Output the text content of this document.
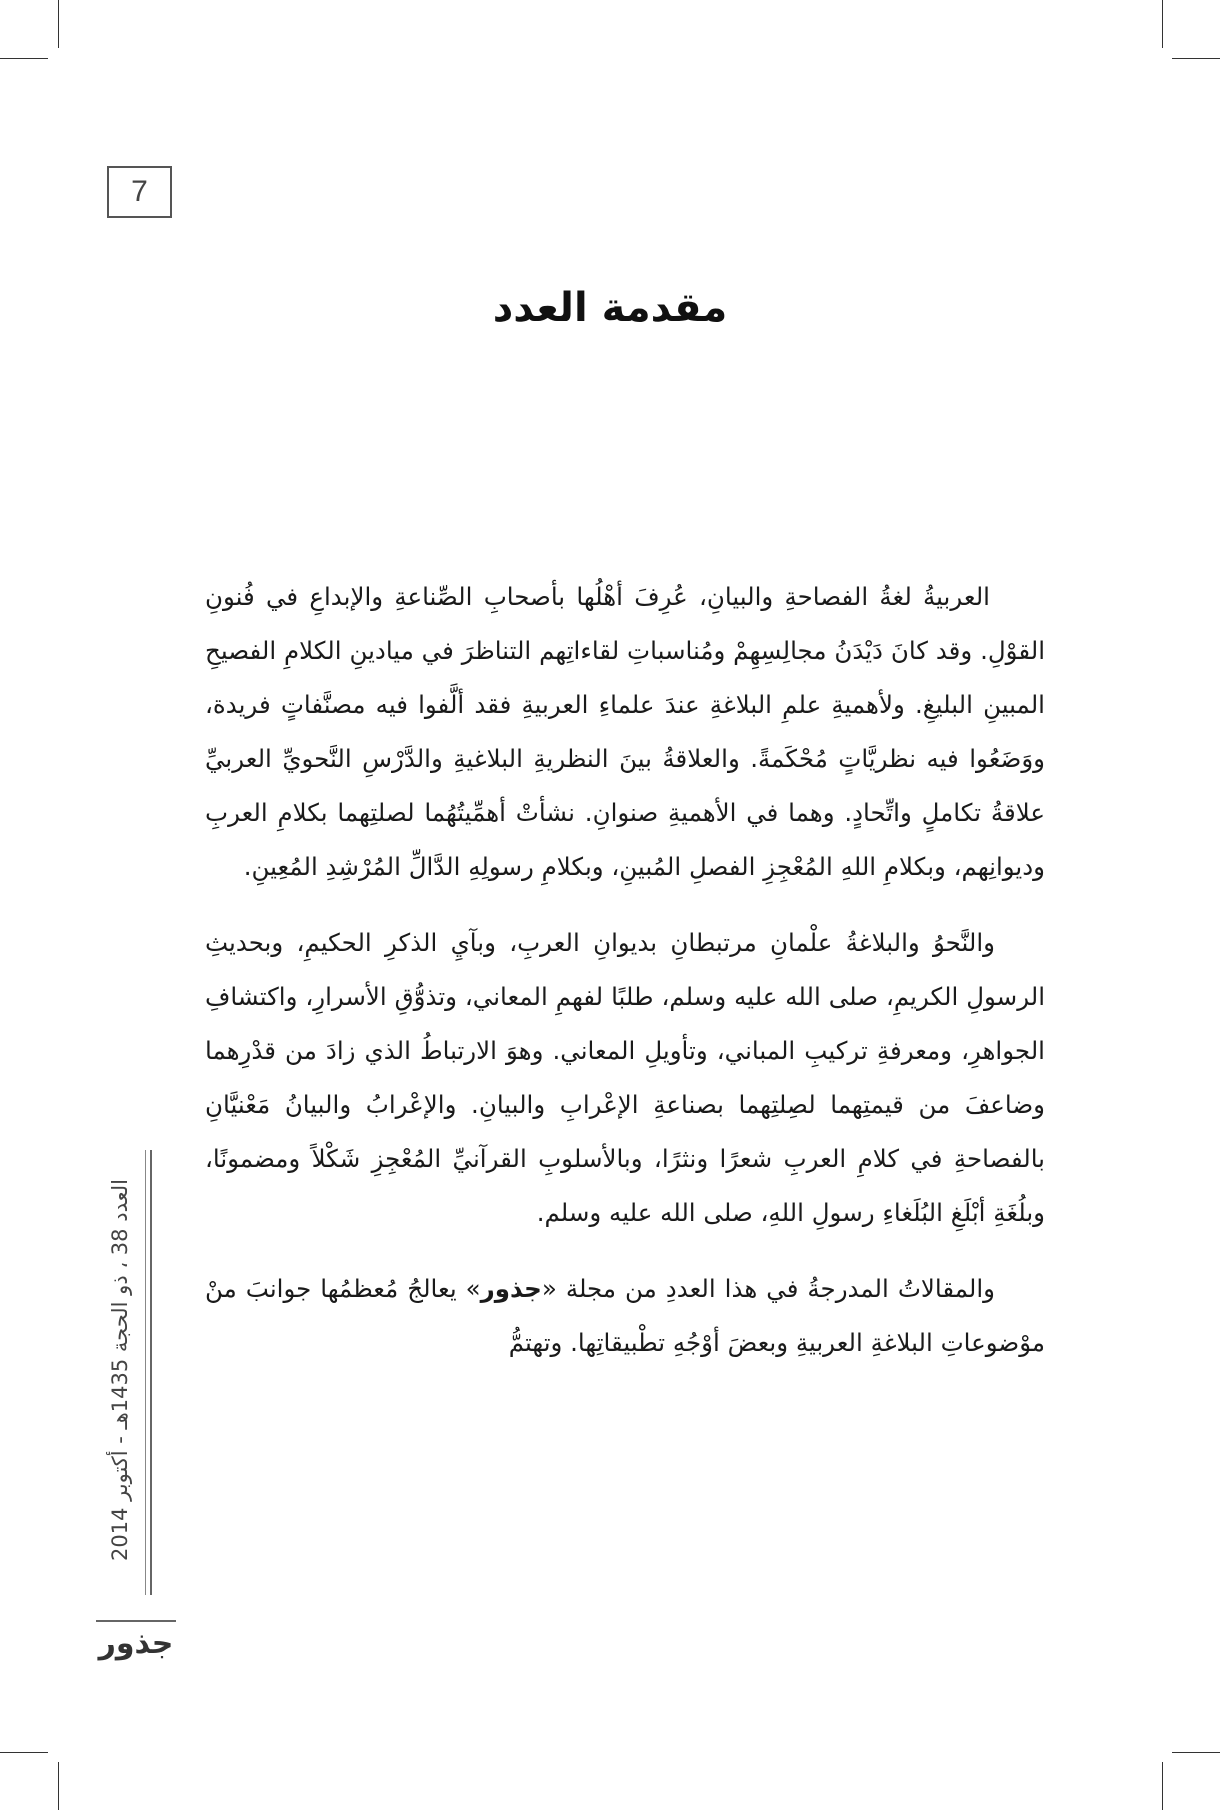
7
مقدمة العدد

العربيةُ لغةُ الفصاحةِ والبيانِ، عُرِفَ أهْلُها بأصحابِ الصِّناعةِ والإبداعِ في فُنونِ القوْلِ. وقد كانَ دَيْدَنُ مجالِسِهِمْ ومُناسباتِ لقاءاتِهم التناظرَ في ميادينِ الكلامِ الفصيحِ المبينِ البليغِ. ولأهميةِ علمِ البلاغةِ عندَ علماءِ العربيةِ فقد ألَّفوا فيه مصنَّفاتٍ فريدة، ووَضَعُوا فيه نظريَّاتٍ مُحْكَمةً. والعلاقةُ بينَ النظريةِ البلاغيةِ والدَّرْسِ النَّحويِّ العربيِّ علاقةُ تكاملٍ واتِّحادٍ. وهما في الأهميةِ صنوانِ. نشأتْ أهمِّيتُهُما لصلتِهما بكلامِ العربِ وديوانِهم، وبكلامِ اللهِ المُعْجِزِ الفصلِ المُبينِ، وبكلامِ رسولِهِ الدَّالِّ المُرْشِدِ المُعِينِ.

والنَّحوُ والبلاغةُ علْمانِ مرتبطانِ بديوانِ العربِ، وبآيِ الذكرِ الحكيمِ، وبحديثِ الرسولِ الكريمِ، صلى الله عليه وسلم، طلبًا لفهمِ المعاني، وتذوُّقِ الأسرارِ، واكتشافِ الجواهرِ، ومعرفةِ تركيبِ المباني، وتأويلِ المعاني. وهوَ الارتباطُ الذي زادَ من قدْرِهما وضاعفَ من قيمتِهما لصِلتِهما بصناعةِ الإعْرابِ والبيانِ. والإعْرابُ والبيانُ مَعْنيَّانِ بالفصاحةِ في كلامِ العربِ شعرًا ونثرًا، وبالأسلوبِ القرآنيِّ المُعْجِزِ شَكْلاً ومضمونًا، وبلُغَةِ أبْلَغِ البُلَغاءِ رسولِ اللهِ، صلى الله عليه وسلم.

والمقالاتُ المدرجةُ في هذا العددِ من مجلة «جذور» يعالجُ مُعظمُها جوانبَ منْ موْضوعاتِ البلاغةِ العربيةِ وبعضَ أوْجُهِ تطْبيقاتِها. وتهتمُّ

العدد 38 ، ذو الحجة 1435هـ - أكتوبر 2014
جذور
